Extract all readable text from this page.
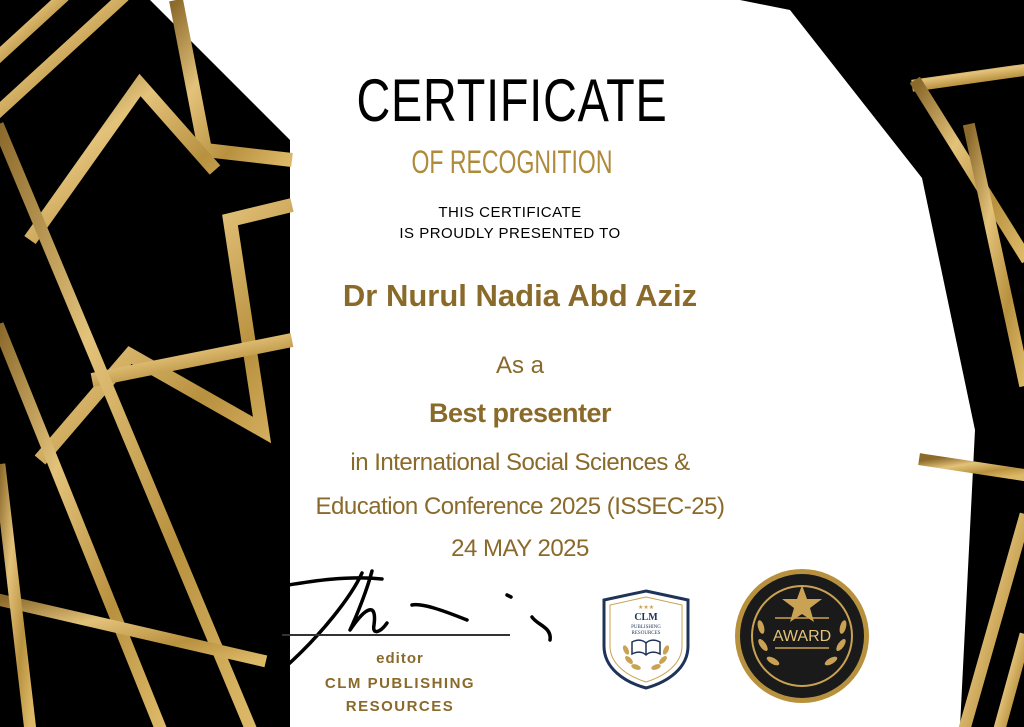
CERTIFICATE
OF RECOGNITION
THIS CERTIFICATE
IS PROUDLY PRESENTED TO
Dr Nurul Nadia Abd Aziz
As a
Best presenter
in International Social Sciences &
Education Conference 2025 (ISSEC-25)
24 MAY 2025
editor
CLM PUBLISHING
RESOURCES
★★★
CLM
PUBLISHING
RESOURCES	AWARD
